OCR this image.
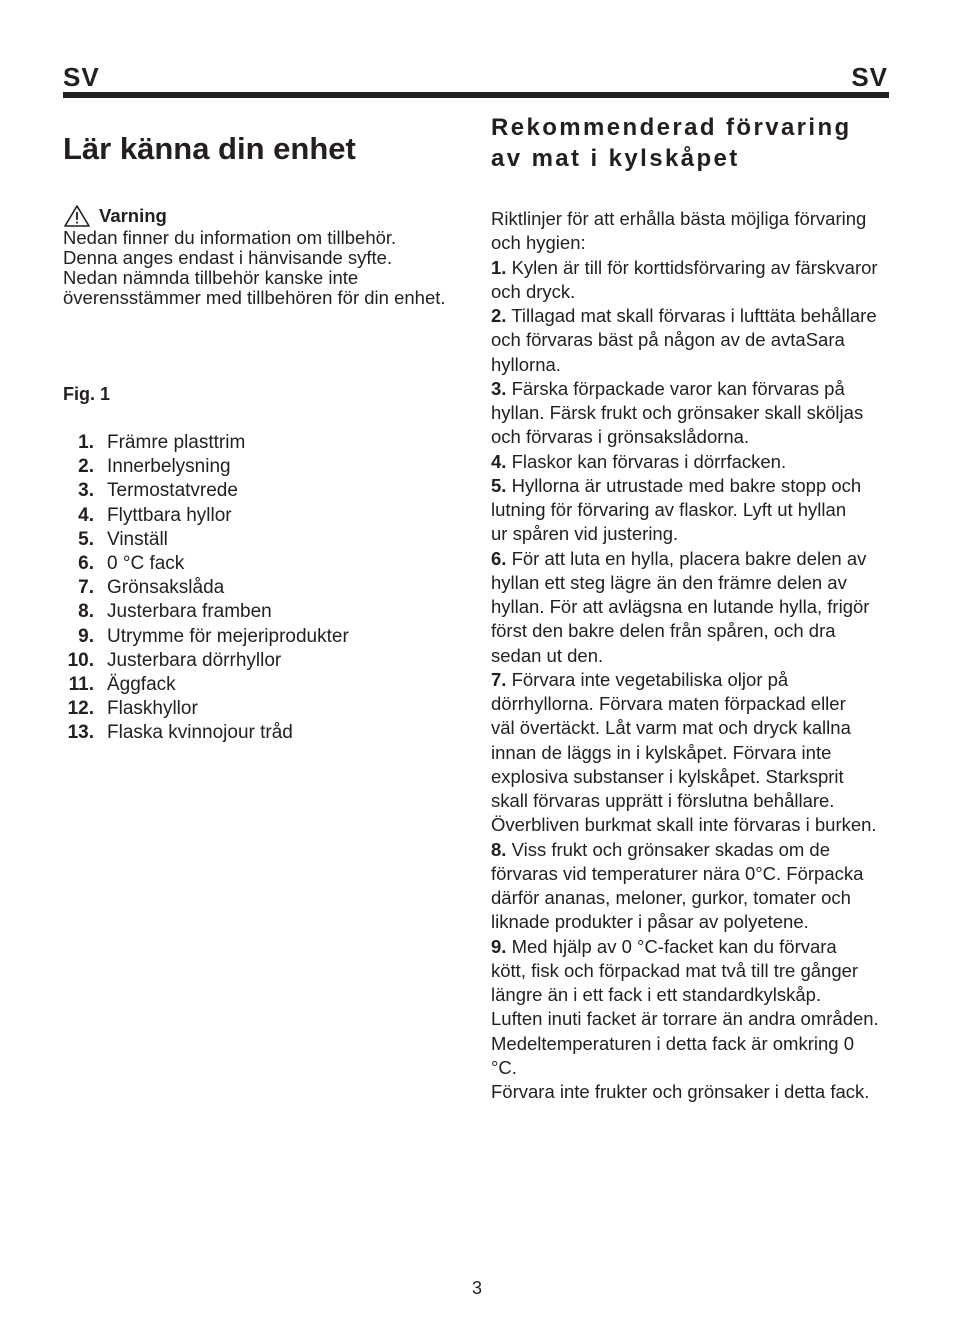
SV	SV
Lär känna din enhet
Varning
Nedan finner du information om tillbehör.
Denna anges endast i hänvisande syfte.
Nedan nämnda tillbehör kanske inte
överensstämmer med tillbehören för din enhet.
Fig. 1
1. Främre plasttrim
2. Innerbelysning
3. Termostatvrede
4. Flyttbara hyllor
5. Vinställ
6. 0 °C fack
7. Grönsakslåda
8. Justerbara framben
9. Utrymme för mejeriprodukter
10. Justerbara dörrhyllor
11. Äggfack
12. Flaskhyllor
13. Flaska kvinnojour tråd
Rekommenderad förvaring
av mat i kylskåpet
Riktlinjer för att erhålla bästa möjliga förvaring
och hygien:
1. Kylen är till för korttidsförvaring av färskvaror
och dryck.
2. Tillagad mat skall förvaras i lufttäta behållare
och förvaras bäst på någon av de avtaSara
hyllorna.
3. Färska förpackade varor kan förvaras på
hyllan. Färsk frukt och grönsaker skall sköljas
och förvaras i grönsakslådorna.
4. Flaskor kan förvaras i dörrfacken.
5. Hyllorna är utrustade med bakre stopp och
lutning för förvaring av flaskor. Lyft ut hyllan
ur spåren vid justering.
6. För att luta en hylla, placera bakre delen av
hyllan ett steg lägre än den främre delen av
hyllan. För att avlägsna en lutande hylla, frigör
först den bakre delen från spåren, och dra
sedan ut den.
7. Förvara inte vegetabiliska oljor på
dörrhyllorna. Förvara maten förpackad eller
väl övertäckt. Låt varm mat och dryck kallna
innan de läggs in i kylskåpet. Förvara inte
explosiva substanser i kylskåpet. Starksprit
skall förvaras upprätt i förslutna behållare.
Överbliven burkmat skall inte förvaras i burken.
8. Viss frukt och grönsaker skadas om de
förvaras vid temperaturer nära 0°C. Förpacka
därför ananas, meloner, gurkor, tomater och
liknade produkter i påsar av polyetene.
9. Med hjälp av 0 °C-facket kan du förvara
kött, fisk och förpackad mat två till tre gånger
längre än i ett fack i ett standardkylskåp.
Luften inuti facket är torrare än andra områden.
Medeltemperaturen i detta fack är omkring 0
°C.
Förvara inte frukter och grönsaker i detta fack.
3
